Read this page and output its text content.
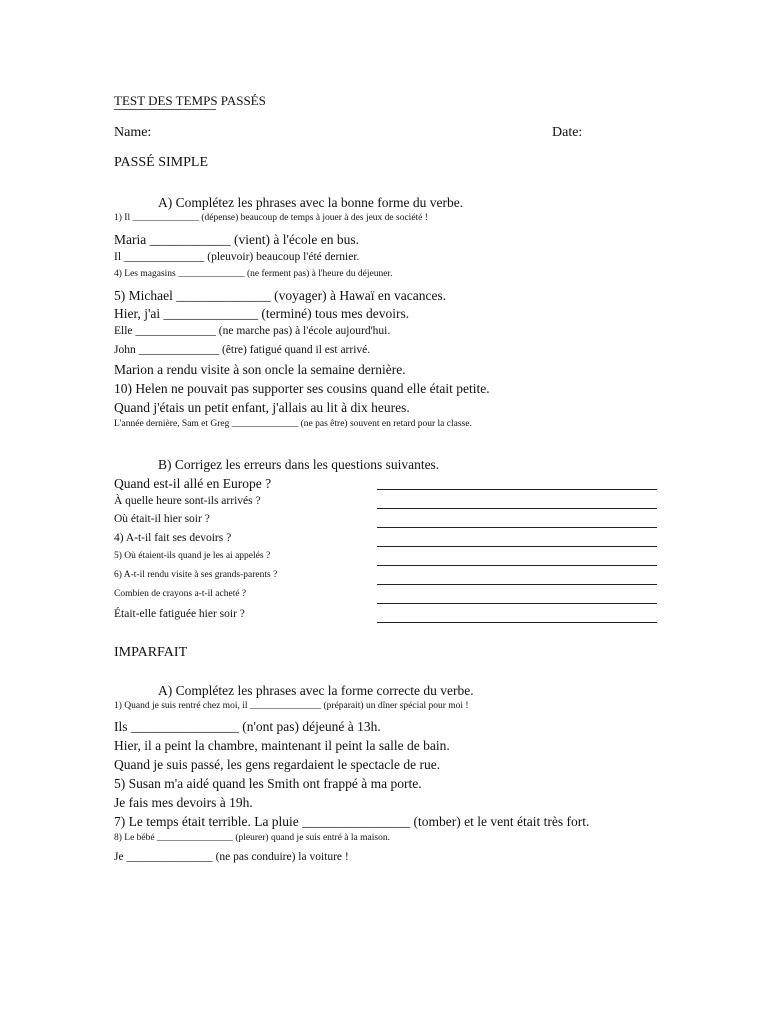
TEST DES TEMPS PASSÉS
Name:	Date:
PASSÉ SIMPLE
A) Complétez les phrases avec la bonne forme du verbe.
1) Il ______________ (dépense) beaucoup de temps à jouer à des jeux de société !
Maria ____________ (vient) à l'école en bus.
Il ______________ (pleuvoir) beaucoup l'été dernier.
4) Les magasins ______________ (ne ferment pas) à l'heure du déjeuner.
5) Michael ______________ (voyager) à Hawaï en vacances.
Hier, j'ai ______________ (terminé) tous mes devoirs.
Elle ______________ (ne marche pas) à l'école aujourd'hui.
John ______________ (être) fatigué quand il est arrivé.
Marion a rendu visite à son oncle la semaine dernière.
10) Helen ne pouvait pas supporter ses cousins quand elle était petite.
Quand j'étais un petit enfant, j'allais au lit à dix heures.
L'année dernière, Sam et Greg ______________ (ne pas être) souvent en retard pour la classe.
B) Corrigez les erreurs dans les questions suivantes.
Quand est-il allé en Europe ?
À quelle heure sont-ils arrivés ?
Où était-il hier soir ?
4) A-t-il fait ses devoirs ?
5) Où étaient-ils quand je les ai appelés ?
6) A-t-il rendu visite à ses grands-parents ?
Combien de crayons a-t-il acheté ?
Était-elle fatiguée hier soir ?
IMPARFAIT
A) Complétez les phrases avec la forme correcte du verbe.
1) Quand je suis rentré chez moi, il _______________ (préparait) un dîner spécial pour moi !
Ils ________________ (n'ont pas) déjeuné à 13h.
Hier, il a peint la chambre, maintenant il peint la salle de bain.
Quand je suis passé, les gens regardaient le spectacle de rue.
5) Susan m'a aidé quand les Smith ont frappé à ma porte.
Je fais mes devoirs à 19h.
7) Le temps était terrible. La pluie ________________ (tomber) et le vent était très fort.
8) Le bébé ________________ (pleurer) quand je suis entré à la maison.
Je _______________ (ne pas conduire) la voiture !
